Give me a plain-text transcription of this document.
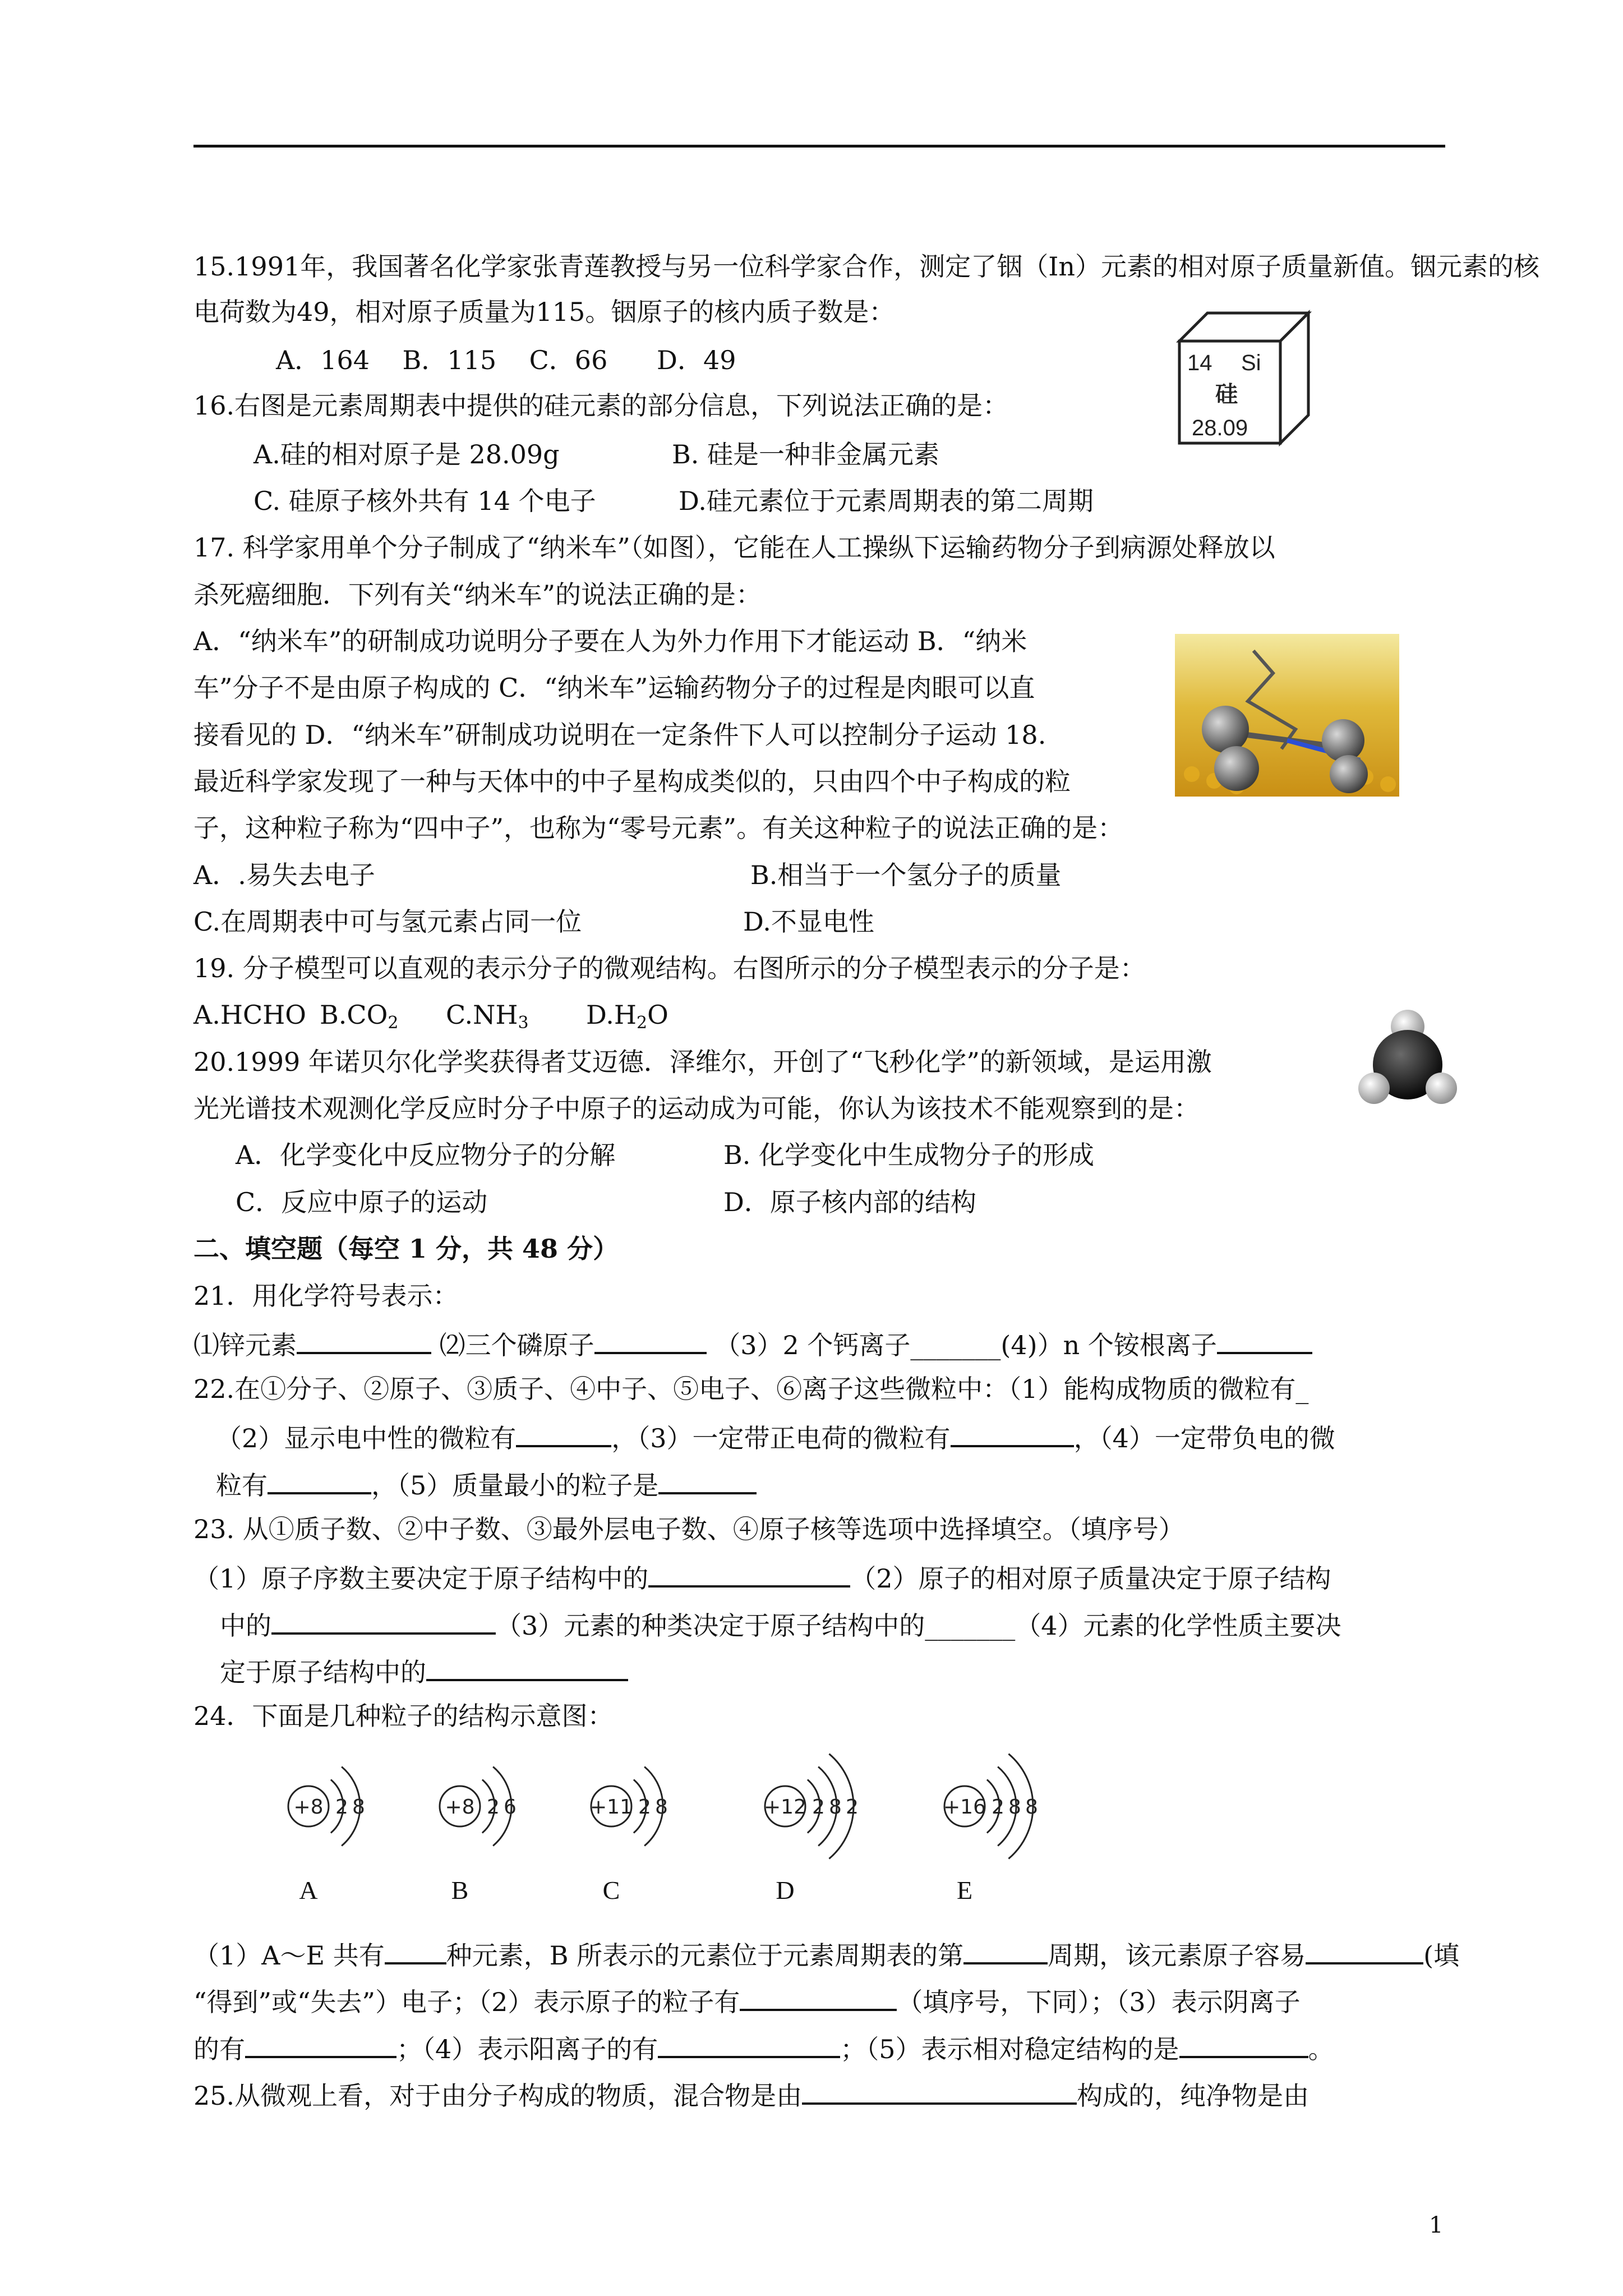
15.1991年，我国著名化学家张青莲教授与另一位科学家合作，测定了铟（In）元素的相对原子质量新值。铟元素的核
电荷数为49，相对原子质量为115。铟原子的核内质子数是：
A．164    B．115    C．66      D．49	14 Si
硅
28.09
16.右图是元素周期表中提供的硅元素的部分信息，下列说法正确的是：
A.硅的相对原子是 28.09g	B. 硅是一种非金属元素
C. 硅原子核外共有 14 个电子	D.硅元素位于元素周期表的第二周期
17. 科学家用单个分子制成了“纳米车”（如图），它能在人工操纵下运输药物分子到病源处释放以
杀死癌细胞．下列有关“纳米车”的说法正确的是：
A．“纳米车”的研制成功说明分子要在人为外力作用下才能运动 B．“纳米
车”分子不是由原子构成的 C．“纳米车”运输药物分子的过程是肉眼可以直
接看见的 D．“纳米车”研制成功说明在一定条件下人可以控制分子运动 18.
最近科学家发现了一种与天体中的中子星构成类似的，只由四个中子构成的粒
子，这种粒子称为“四中子”，也称为“零号元素”。有关这种粒子的说法正确的是：
A．.易失去电子	B.相当于一个氢分子的质量
C.在周期表中可与氢元素占同一位	D.不显电性
19. 分子模型可以直观的表示分子的微观结构。右图所示的分子模型表示的分子是：
A.HCHO $B.CO_2$ $C.NH_3$ $D.H_2O$
20.1999 年诺贝尔化学奖获得者艾迈德．泽维尔，开创了“飞秒化学”的新领域，是运用激
光光谱技术观测化学反应时分子中原子的运动成为可能，你认为该技术不能观察到的是：
A．化学变化中反应物分子的分解	B. 化学变化中生成物分子的形成
C．反应中原子的运动	D．原子核内部的结构
二、填空题（每空 1 分，共 48 分）
21．用化学符号表示：
⑴锌元素	⑵三个磷原子	（3）2 个钙离子_______(4)）n 个铵根离子
22.在①分子、②原子、③质子、④中子、⑤电子、⑥离子这些微粒中：（1）能构成物质的微粒有_
（2）显示电中性的微粒有	，（3）一定带正电荷的微粒有	，（4）一定带负电的微
粒有	，（5）质量最小的粒子是
23. 从①质子数、②中子数、③最外层电子数、④原子核等选项中选择填空。（填序号）
（1）原子序数主要决定于原子结构中的	（2）原子的相对原子质量决定于原子结构
中的	（3）元素的种类决定于原子结构中的_______（4）元素的化学性质主要决
定于原子结构中的
24．下面是几种粒子的结构示意图：
+8 2 8
A
+8 2 6
B
+11 2 8
C
+12 2 8 2
D
+16 2 8 8
E
（1）A～E 共有 种元素，B 所表示的元素位于元素周期表的第	周期，该元素原子容易	(填
“得到”或“失去”）电子；（2）表示原子的粒子有	（填序号，下同）；（3）表示阴离子
的有	；（4）表示阳离子的有	；（5）表示相对稳定结构的是	。
25.从微观上看，对于由分子构成的物质，混合物是由	构成的，纯净物是由
1
